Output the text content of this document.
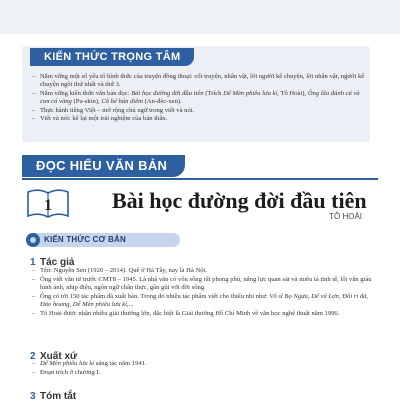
KIẾN THỨC TRỌNG TÂM
– Nắm vững một số yếu tố hình thức của truyện đồng thoại: cốt truyện, nhân vật, lời người kể chuyện, lời nhân vật, người kể chuyện ngôi thứ nhất và thứ 3.
– Nắm vững kiến thức văn bản đọc: Bài học đường đời đầu tiên (Trích Dế Mèn phiêu lưu kí, Tô Hoài), Ông lão đánh cá và con cá vàng (Pu-skin), Cô bé bán diêm (An-đéc-xen).
– Thực hành tiếng Việt – mở rộng chủ ngữ trong viết và nói.
– Viết và nói: kể lại một trải nghiệm của bản thân.
ĐỌC HIỂU VĂN BẢN
1	Bài học đường đời đầu tiên
TÔ HOÀI
KIẾN THỨC CƠ BẢN
1 Tác giả
– Tên: Nguyễn Sen (1920 – 2014). Quê ở Hà Tây, nay là Hà Nội.
– Ông viết văn từ trước CMT8 – 1945. Là nhà văn có vốn sống rất phong phú, nắng lực quan sát và miêu tả tinh tế, lối văn giàu hình ảnh, nhịp điệu, ngôn ngữ chân thực, gần gũi với đời sống.
– Ông có tới 150 tác phẩm đã xuất bản. Trong đó nhiều tác phẩm viết cho thiếu nhi như: Võ sĩ Bọ Ngựa, Dế vá Lợn, Đôi ri đá, Đảo hoang, Dế Mèn phiêu lưu kí,...
– Tô Hoài được nhận nhiều giải thưởng lớn, đặc biệt là Giải thưởng Hồ Chí Minh về văn học nghệ thuật năm 1996.
2 Xuất xứ
– Dế Mèn phiêu lưu kí sáng tác năm 1941.
– Đoạn trích ở chương I.
3 Tóm tắt
